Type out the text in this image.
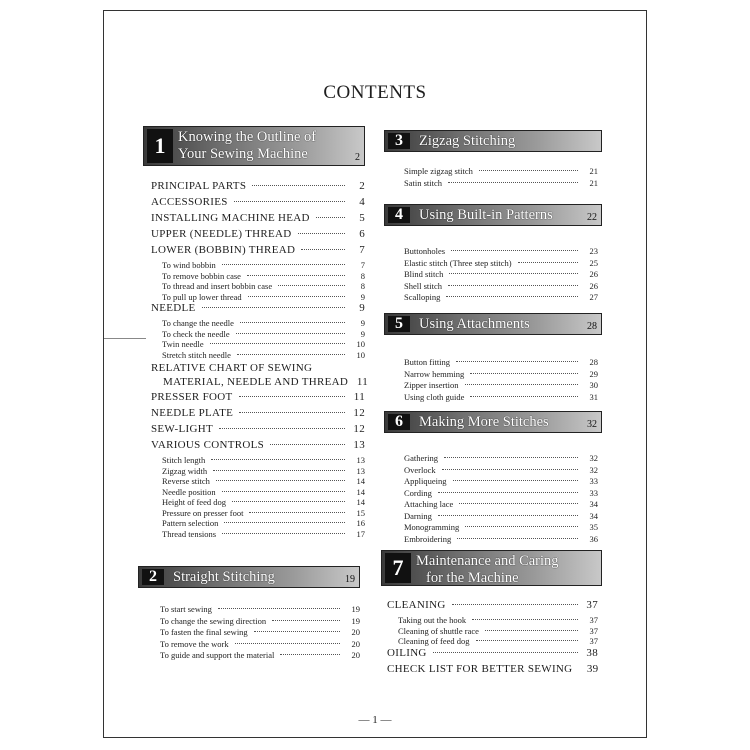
CONTENTS
1 Knowing the Outline of
Your Sewing Machine	2
PRINCIPAL PARTS	2
ACCESSORIES	4
INSTALLING MACHINE HEAD	5
UPPER (NEEDLE) THREAD	6
LOWER (BOBBIN) THREAD	7
To wind bobbin	7
To remove bobbin case	8
To thread and insert bobbin case	8
To pull up lower thread	9
NEEDLE	9
To change the needle	9
To check the needle	9
Twin needle	10
Stretch stitch needle	10
RELATIVE CHART OF SEWING
MATERIAL, NEEDLE AND THREAD 11
PRESSER FOOT	11
NEEDLE PLATE	12
SEW-LIGHT	12
VARIOUS CONTROLS	13
Stitch length	13
Zigzag width	13
Reverse stitch	14
Needle position	14
Height of feed dog	14
Pressure on presser foot	15
Pattern selection	16
Thread tensions	17
2	Straight Stitching	19
To start sewing	19
To change the sewing direction	19
To fasten the final sewing	20
To remove the work	20
To guide and support the material	20
3	Zigzag Stitching
Simple zigzag stitch	21
Satin stitch	21
4	Using Built-in Patterns	22
Buttonholes	23
Elastic stitch (Three step stitch)	25
Blind stitch	26
Shell stitch	26
Scalloping	27
5	Using Attachments	28
Button fitting	28
Narrow hemming	29
Zipper insertion	30
Using cloth guide	31
6	Making More Stitches	32
Gathering	32
Overlock	32
Appliqueing	33
Cording	33
Attaching lace	34
Darning	34
Monogramming	35
Embroidering	36
7 Maintenance and Caring
for the Machine
CLEANING	37
Taking out the hook	37
Cleaning of shuttle race	37
Cleaning of feed dog	37
OILING	38
CHECK LIST FOR BETTER SEWING 39
— 1 —
